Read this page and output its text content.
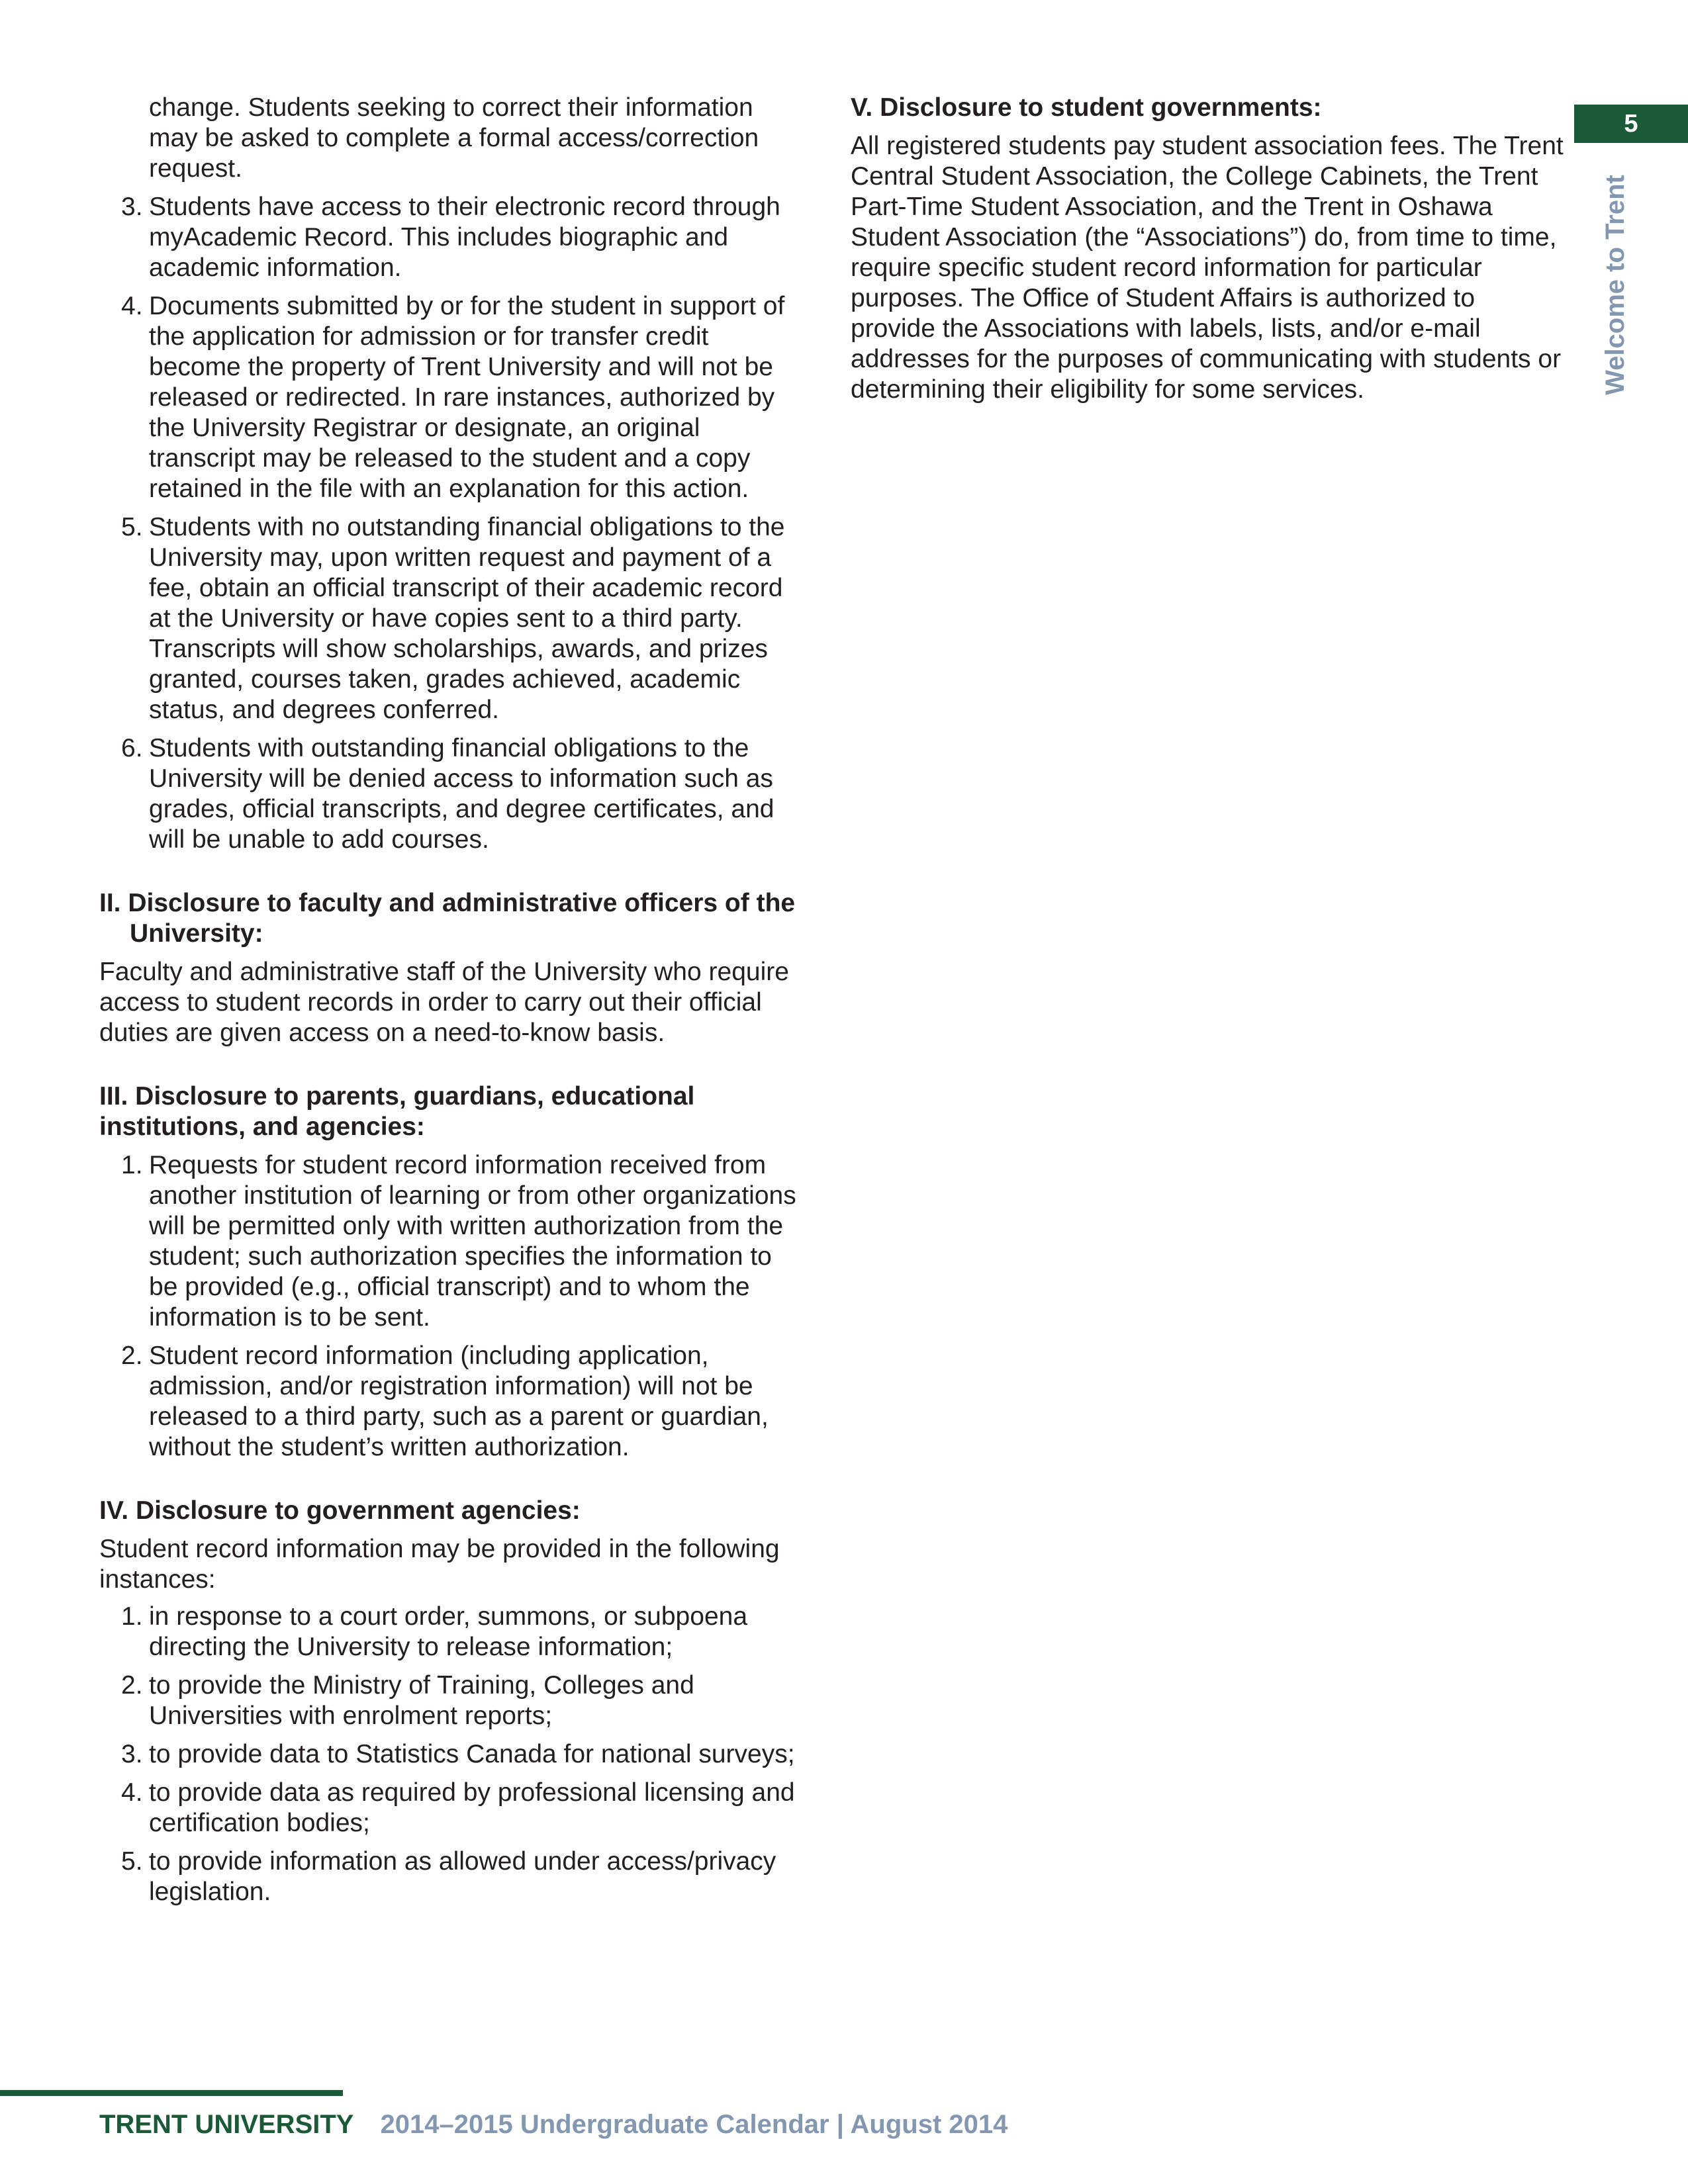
change. Students seeking to correct their information may be asked to complete a formal access/correction request.

3. Students have access to their electronic record through myAcademic Record. This includes biographic and academic information.
4. Documents submitted by or for the student in support of the application for admission or for transfer credit become the property of Trent University and will not be released or redirected. In rare instances, authorized by the University Registrar or designate, an original transcript may be released to the student and a copy retained in the file with an explanation for this action.
5. Students with no outstanding financial obligations to the University may, upon written request and payment of a fee, obtain an official transcript of their academic record at the University or have copies sent to a third party. Transcripts will show scholarships, awards, and prizes granted, courses taken, grades achieved, academic status, and degrees conferred.
6. Students with outstanding financial obligations to the University will be denied access to information such as grades, official transcripts, and degree certificates, and will be unable to add courses.

II. Disclosure to faculty and administrative officers of the University:

Faculty and administrative staff of the University who require access to student records in order to carry out their official duties are given access on a need-to-know basis.

III. Disclosure to parents, guardians, educational institutions, and agencies:

1. Requests for student record information received from another institution of learning or from other organizations will be permitted only with written authorization from the student; such authorization specifies the information to be provided (e.g., official transcript) and to whom the information is to be sent.
2. Student record information (including application, admission, and/or registration information) will not be released to a third party, such as a parent or guardian, without the student’s written authorization.

IV. Disclosure to government agencies:

Student record information may be provided in the following instances:

1. in response to a court order, summons, or subpoena directing the University to release information;
2. to provide the Ministry of Training, Colleges and Universities with enrolment reports;
3. to provide data to Statistics Canada for national surveys;
4. to provide data as required by professional licensing and certification bodies;
5. to provide information as allowed under access/privacy legislation.

V. Disclosure to student governments:

All registered students pay student association fees. The Trent Central Student Association, the College Cabinets, the Trent Part-Time Student Association, and the Trent in Oshawa Student Association (the “Associations”) do, from time to time, require specific student record information for particular purposes. The Office of Student Affairs is authorized to provide the Associations with labels, lists, and/or e-mail addresses for the purposes of communicating with students or determining their eligibility for some services.

5
Welcome to Trent
TRENT UNIVERSITY 2014–2015 Undergraduate Calendar | August 2014
